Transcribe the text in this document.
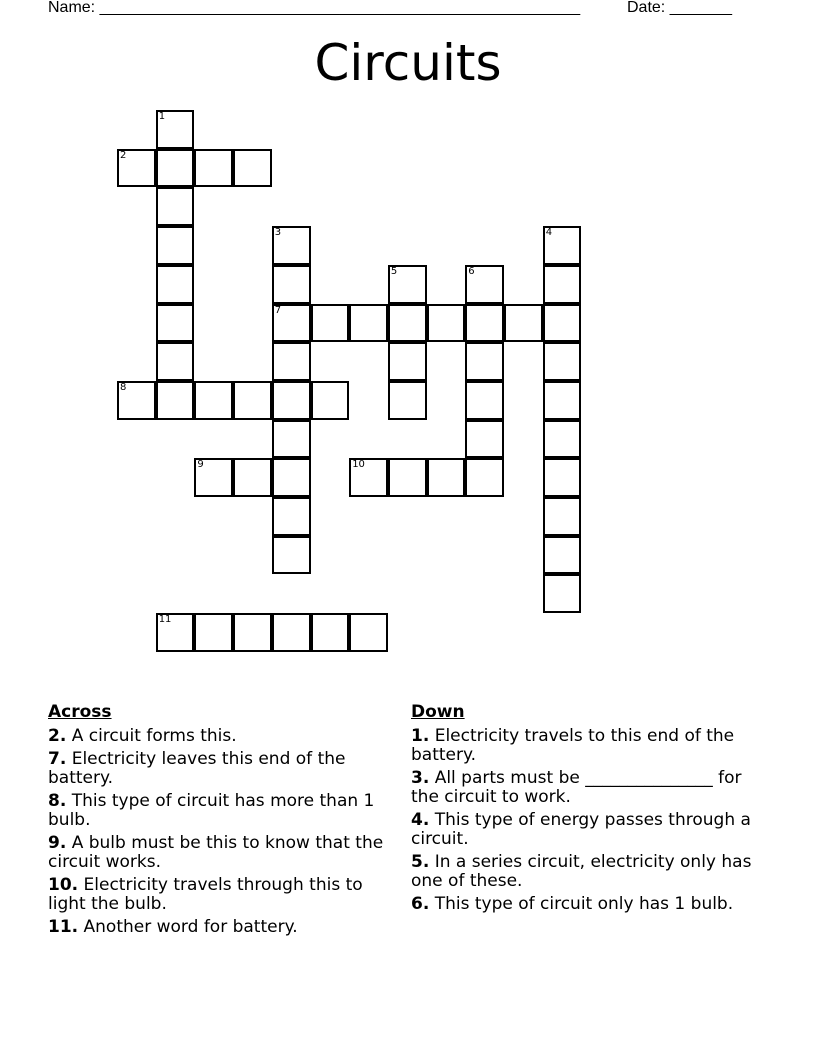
Name: ______________________________________________________	Date: _______
Circuits
1
2
3	4
5	6
7
8
9	10
11
Across
2. A circuit forms this.
7. Electricity leaves this end of the battery.
8. This type of circuit has more than 1 bulb.
9. A bulb must be this to know that the circuit works.
10. Electricity travels through this to light the bulb.
11. Another word for battery.
Down
1. Electricity travels to this end of the battery.
3. All parts must be _______________ for the circuit to work.
4. This type of energy passes through a circuit.
5. In a series circuit, electricity only has one of these.
6. This type of circuit only has 1 bulb.
